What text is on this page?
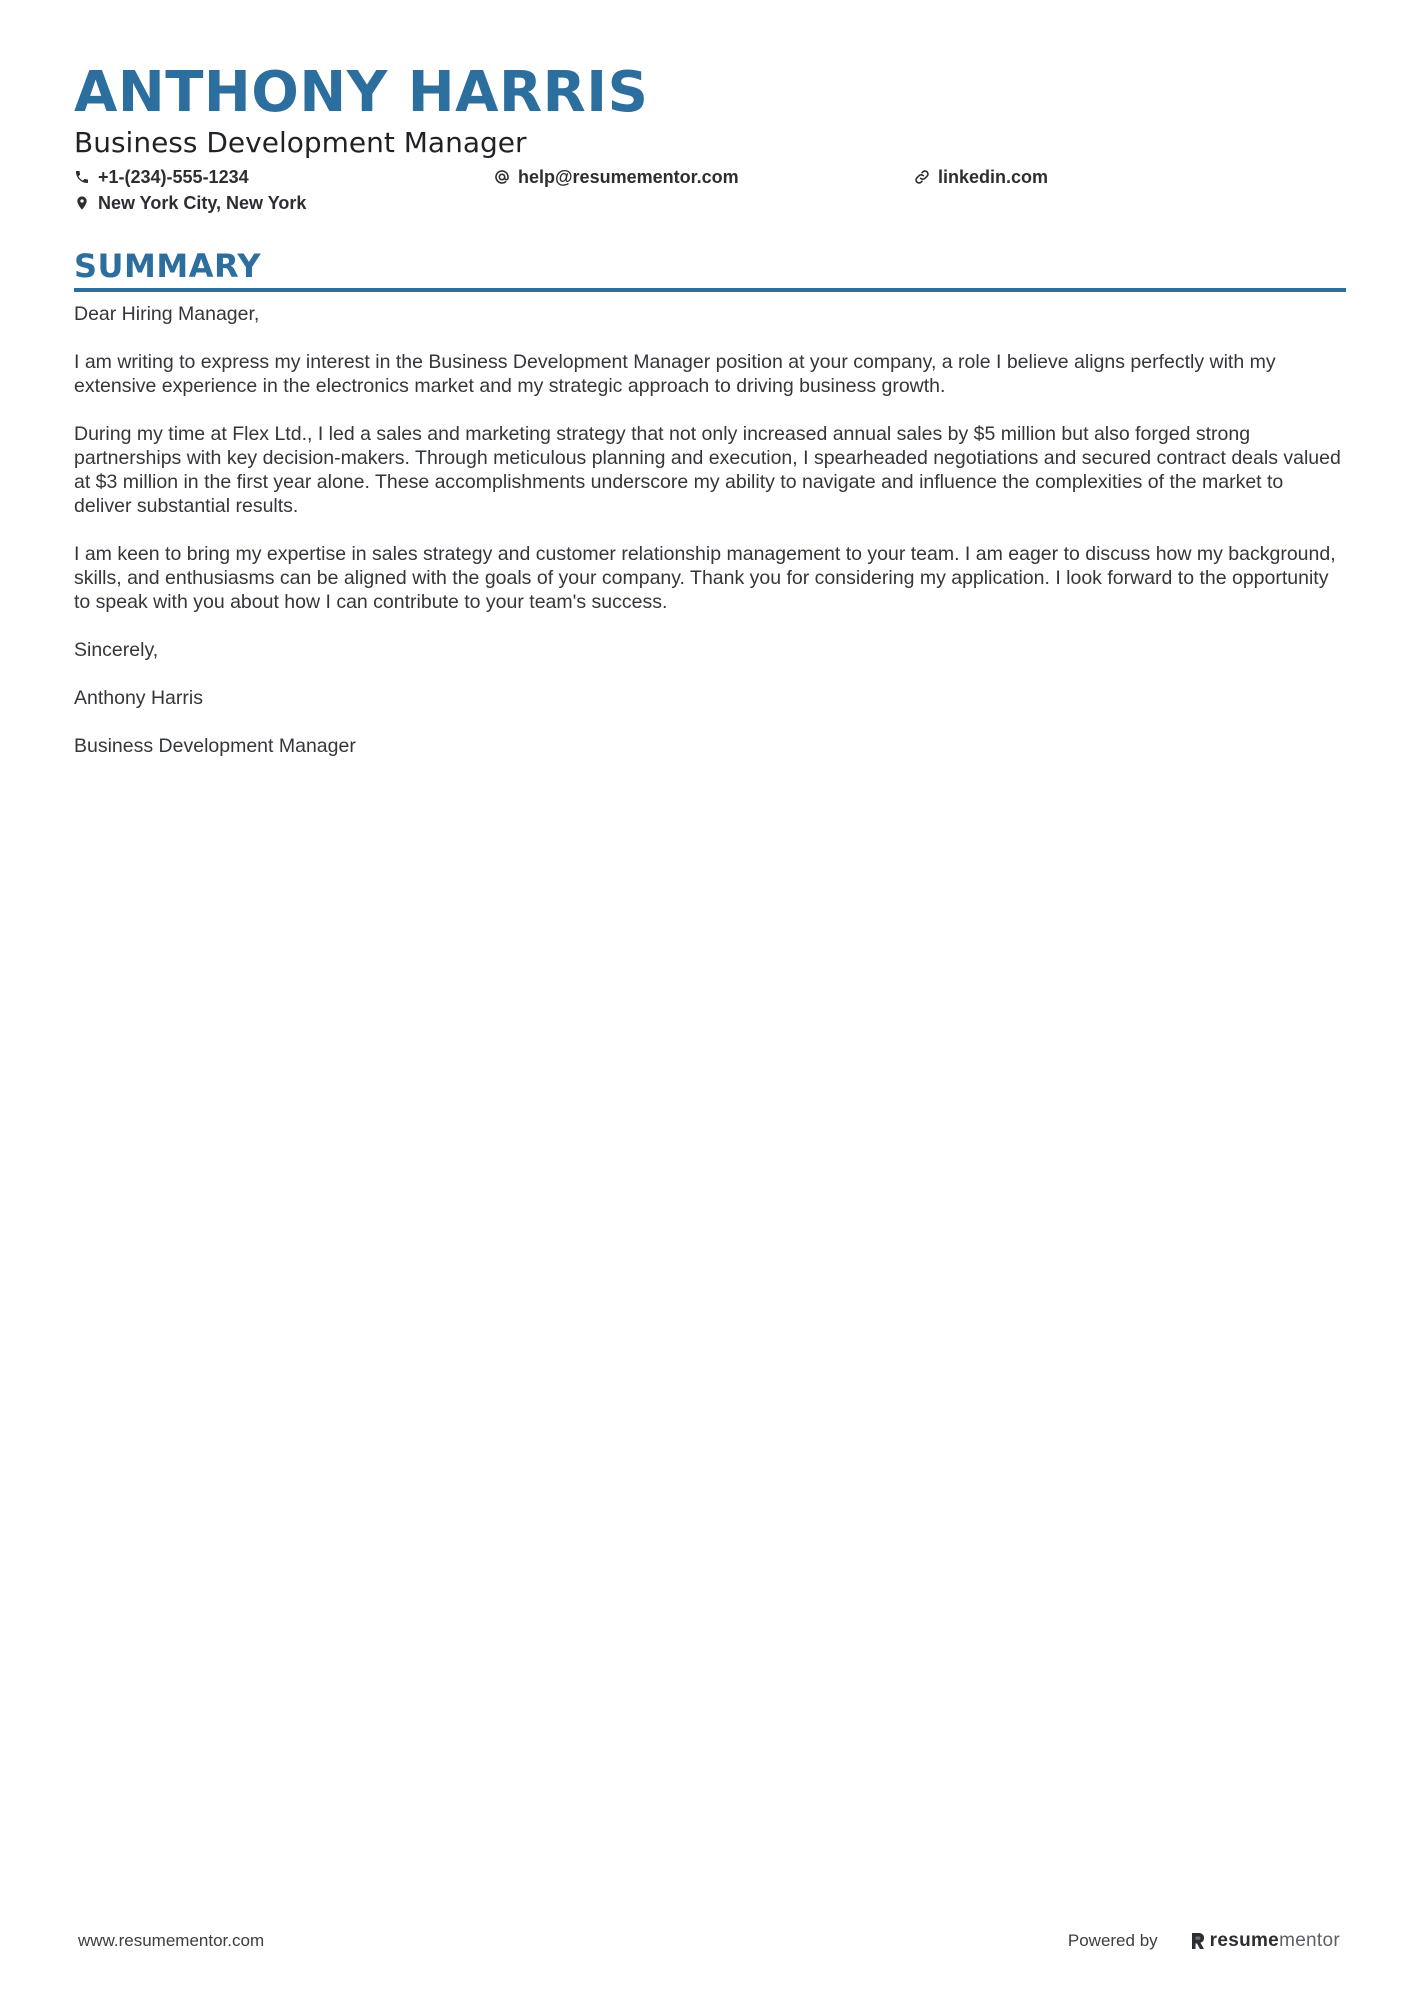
ANTHONY HARRIS
Business Development Manager
+1-(234)-555-1234	help@resumementor.com	linkedin.com
New York City, New York
SUMMARY

Dear Hiring Manager,

I am writing to express my interest in the Business Development Manager position at your company, a role I believe aligns perfectly with my extensive experience in the electronics market and my strategic approach to driving business growth.

During my time at Flex Ltd., I led a sales and marketing strategy that not only increased annual sales by $5 million but also forged strong partnerships with key decision-makers. Through meticulous planning and execution, I spearheaded negotiations and secured contract deals valued at $3 million in the first year alone. These accomplishments underscore my ability to navigate and influence the complexities of the market to deliver substantial results.

I am keen to bring my expertise in sales strategy and customer relationship management to your team. I am eager to discuss how my background, skills, and enthusiasms can be aligned with the goals of your company. Thank you for considering my application. I look forward to the opportunity to speak with you about how I can contribute to your team's success.

Sincerely,

Anthony Harris

Business Development Manager

www.resumementor.com	Powered by	resume mentor
